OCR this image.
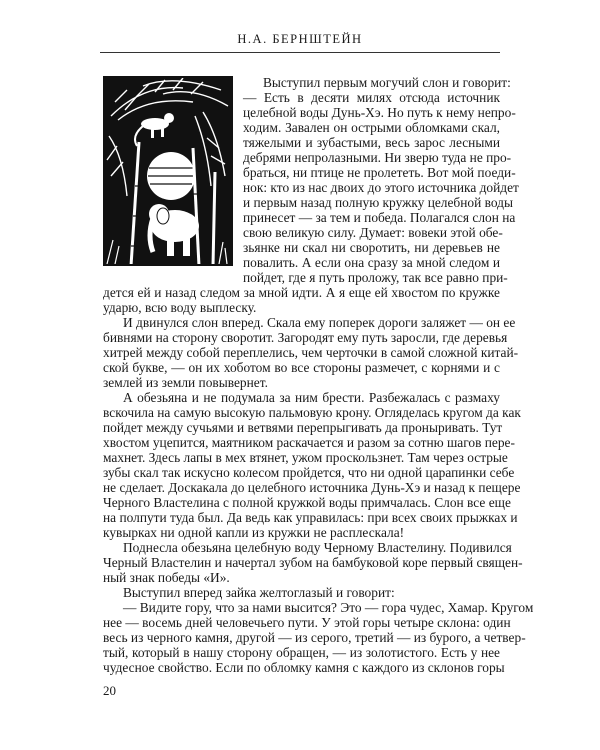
Н.А. БЕРНШТЕЙН
Выступил первым могучий слон и говорит:
— Есть в десяти милях отсюда источник
целебной воды Дунь-Хэ. Но путь к нему непро-
ходим. Завален он острыми обломками скал,
тяжелыми и зубастыми, весь зарос лесными
дебрями непролазными. Ни зверю туда не про-
браться, ни птице не пролететь. Вот мой поеди-
нок: кто из нас двоих до этого источника дойдет
и первым назад полную кружку целебной воды
принесет — за тем и победа. Полагался слон на
свою великую силу. Думает: вовеки этой обе-
зьянке ни скал ни своротить, ни деревьев не
повалить. А если она сразу за мной следом и
пойдет, где я путь проложу, так все равно при-
дется ей и назад следом за мной идти. А я еще ей хвостом по кружке
ударю, всю воду выплеску.
И двинулся слон вперед. Скала ему поперек дороги заляжет — он ее
бивнями на сторону своротит. Загородят ему путь заросли, где деревья
хитрей между собой переплелись, чем черточки в самой сложной китай-
ской букве, — он их хоботом во все стороны размечет, с корнями и с
землей из земли повывернет.
А обезьяна и не подумала за ним брести. Разбежалась с размаху
вскочила на самую высокую пальмовую крону. Огляделась кругом да как
пойдет между сучьями и ветвями перепрыгивать да проныривать. Тут
хвостом уцепится, маятником раскачается и разом за сотню шагов пере-
махнет. Здесь лапы в мех втянет, ужом проскользнет. Там через острые
зубы скал так искусно колесом пройдется, что ни одной царапинки себе
не сделает. Доскакала до целебного источника Дунь-Хэ и назад к пещере
Черного Властелина с полной кружкой воды примчалась. Слон все еще
на полпути туда был. Да ведь как управилась: при всех своих прыжках и
кувырках ни одной капли из кружки не расплескала!
Поднесла обезьяна целебную воду Черному Властелину. Подивился
Черный Властелин и начертал зубом на бамбуковой коре первый священ-
ный знак победы «И».
Выступил вперед зайка желтоглазый и говорит:
— Видите гору, что за нами высится? Это — гора чудес, Хамар. Кругом
нее — восемь дней человечьего пути. У этой горы четыре склона: один
весь из черного камня, другой — из серого, третий — из бурого, а четвер-
тый, который в нашу сторону обращен, — из золотистого. Есть у нее
чудесное свойство. Если по обломку камня с каждого из склонов горы
20
